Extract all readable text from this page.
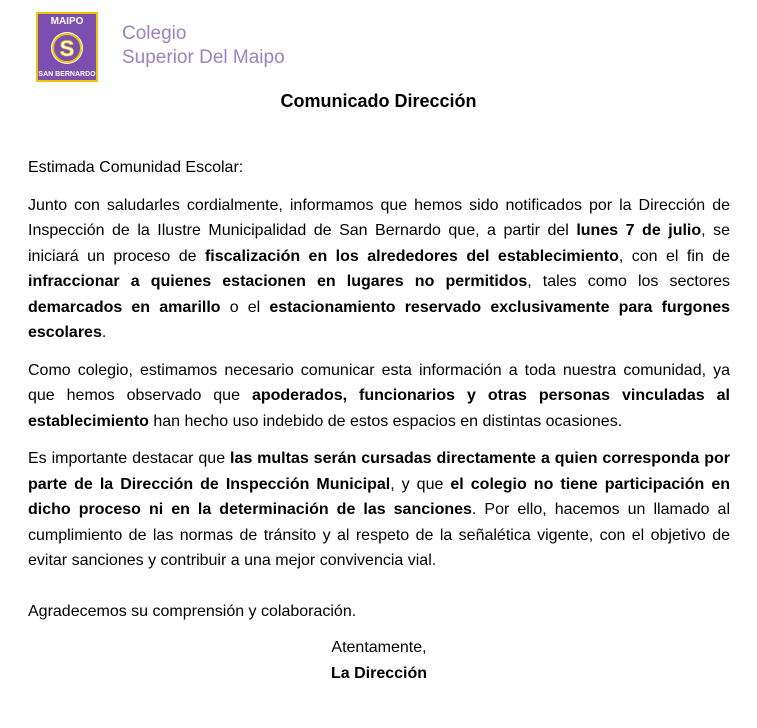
MAIPO
S
SAN BERNARDO
Colegio
Superior Del Maipo
Comunicado Dirección

Estimada Comunidad Escolar:

Junto con saludarles cordialmente, informamos que hemos sido notificados por la Dirección de Inspección de la Ilustre Municipalidad de San Bernardo que, a partir del lunes 7 de julio, se iniciará un proceso de fiscalización en los alrededores del establecimiento, con el fin de infraccionar a quienes estacionen en lugares no permitidos, tales como los sectores demarcados en amarillo o el estacionamiento reservado exclusivamente para furgones escolares.

Como colegio, estimamos necesario comunicar esta información a toda nuestra comunidad, ya que hemos observado que apoderados, funcionarios y otras personas vinculadas al establecimiento han hecho uso indebido de estos espacios en distintas ocasiones.

Es importante destacar que las multas serán cursadas directamente a quien corresponda por parte de la Dirección de Inspección Municipal, y que el colegio no tiene participación en dicho proceso ni en la determinación de las sanciones. Por ello, hacemos un llamado al cumplimiento de las normas de tránsito y al respeto de la señalética vigente, con el objetivo de evitar sanciones y contribuir a una mejor convivencia vial.

Agradecemos su comprensión y colaboración.

Atentamente,

La Dirección
